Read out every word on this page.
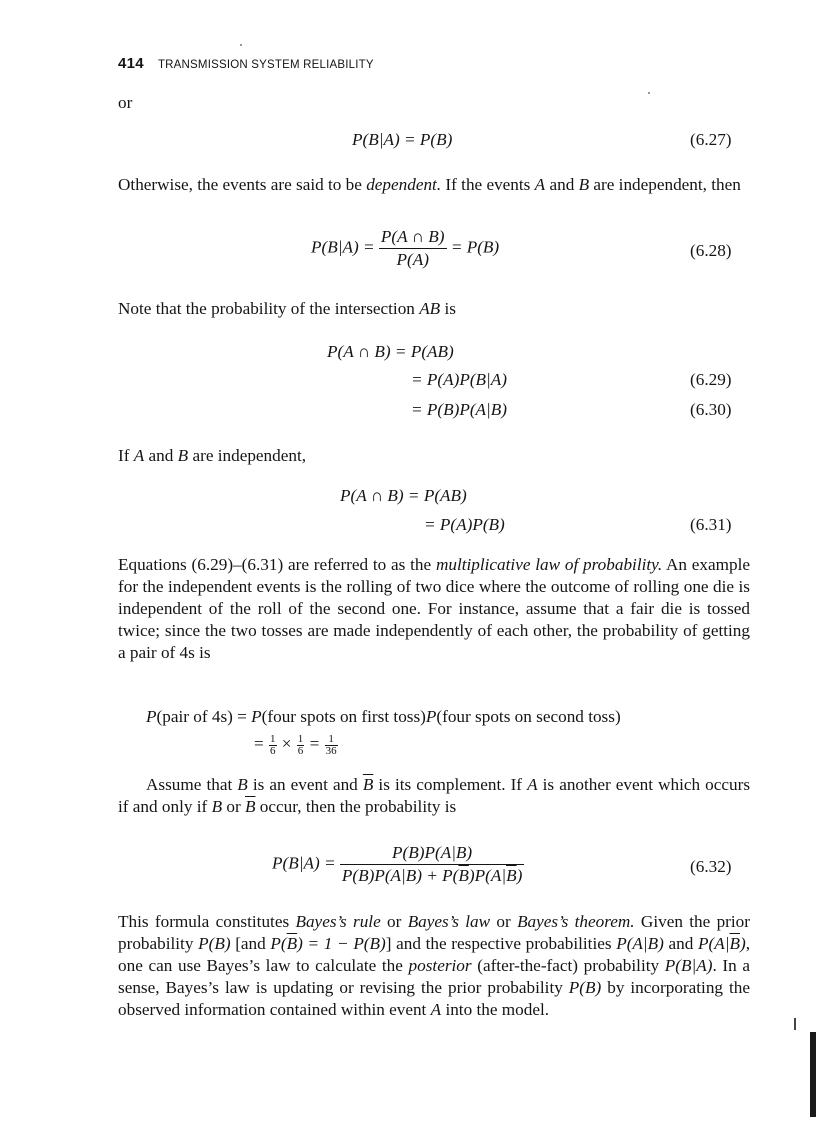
414 TRANSMISSION SYSTEM RELIABILITY
or
P(B|A) = P(B)	(6.27)
Otherwise, the events are said to be dependent. If the events A and B are independent, then
$P(B|A) = \frac{P(A \cap B)}{P(A)} = P(B)$	(6.28)
Note that the probability of the intersection AB is
P(A ∩ B) = P(AB)
= P(A)P(B|A)	(6.29)
= P(B)P(A|B)	(6.30)
If A and B are independent,
P(A ∩ B) = P(AB)
= P(A)P(B)	(6.31)
Equations (6.29)–(6.31) are referred to as the multiplicative law of probability. An example for the independent events is the rolling of two dice where the outcome of rolling one die is independent of the roll of the second one. For instance, assume that a fair die is tossed twice; since the two tosses are made independently of each other, the probability of getting a pair of 4s is
P(pair of 4s) = P(four spots on first toss)P(four spots on second toss)
= $\frac{1}{6} \times \frac{1}{6} = \frac{1}{36}$
Assume that B is an event and $\overline{B}$ is its complement. If A is another event which occurs if and only if B or $\overline{B}$ occur, then the probability is
$P(B|A) = \frac{P(B)P(A|B)}{P(B)P(A|B) + P(\overline{B})P(A|\overline{B})}$	(6.32)
This formula constitutes Bayes’s rule or Bayes’s law or Bayes’s theorem. Given the prior probability P(B) [and $P(\overline{B}) = 1 - P(B)$] and the respective probabilities P(A|B) and $P(A|\overline{B})$, one can use Bayes’s law to calculate the posterior (after-the-fact) probability P(B|A). In a sense, Bayes’s law is updating or revising the prior probability P(B) by incorporating the observed information contained within event A into the model.
